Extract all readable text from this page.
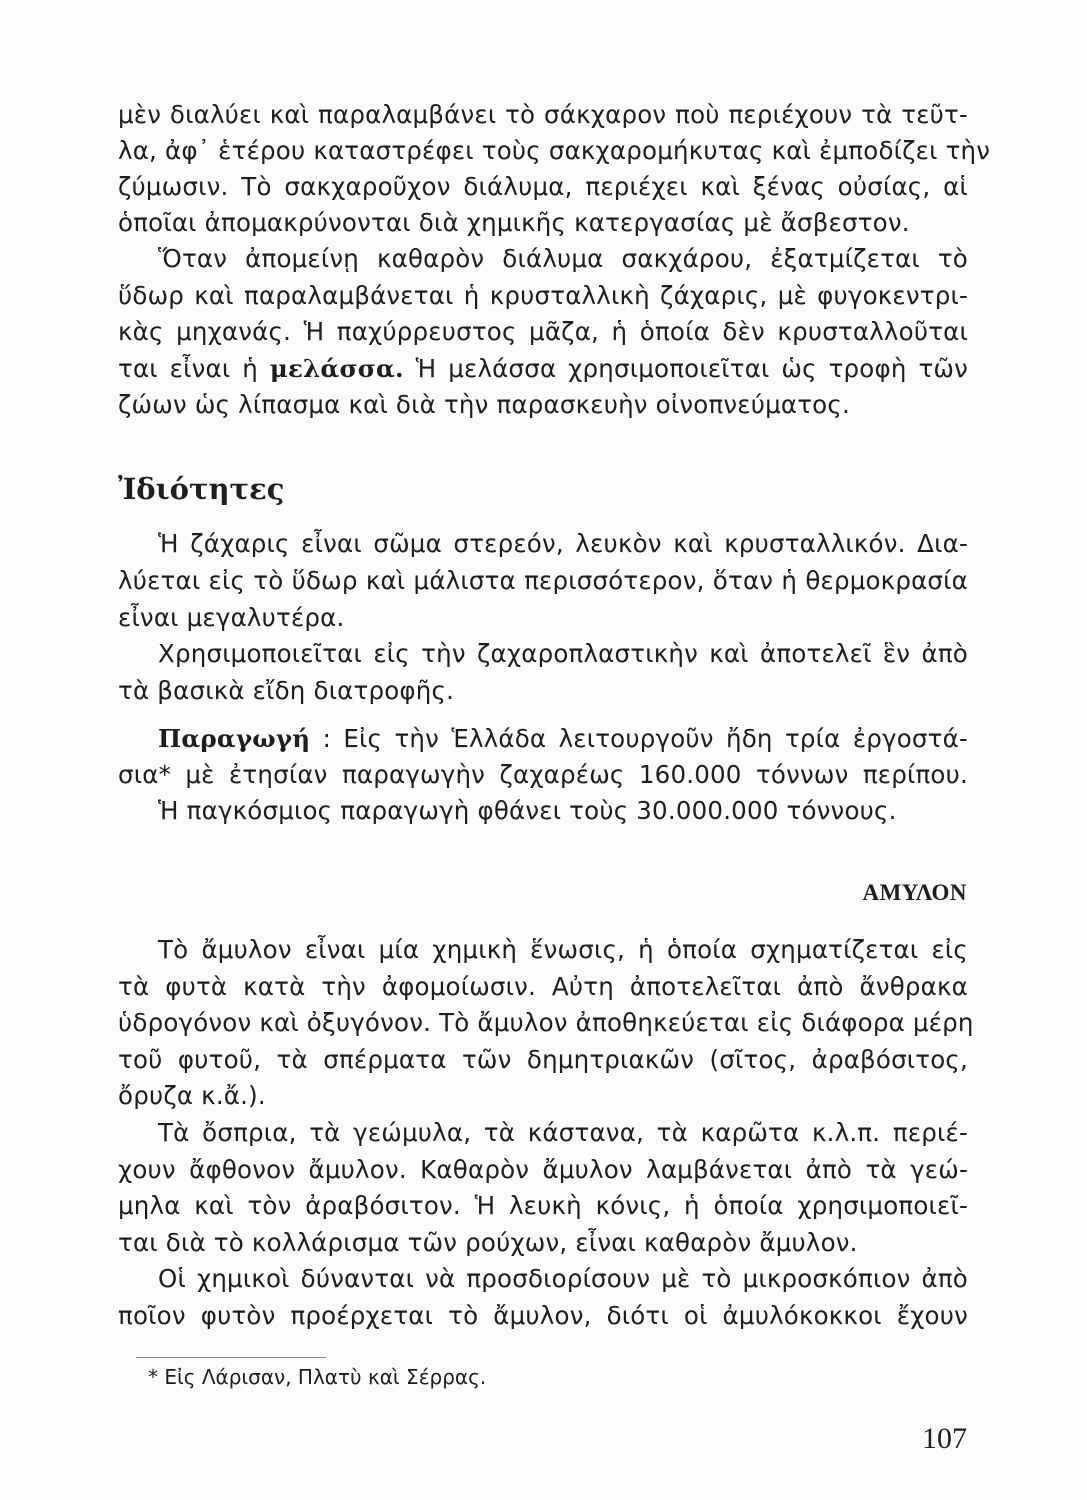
μὲν διαλύει καὶ παραλαμβάνει τὸ σάκχαρον ποὺ περιέχουν τὰ τεῦτ-
λα, ἀφ᾽ ἑτέρου καταστρέφει τοὺς σακχαρομήκυτας καὶ ἐμποδίζει τὴν
ζύμωσιν. Τὸ σακχαροῦχον διάλυμα, περιέχει καὶ ξένας οὐσίας, αἱ
ὁποῖαι ἀπομακρύνονται διὰ χημικῆς κατεργασίας μὲ ἄσβεστον.
Ὅταν ἀπομείνῃ καθαρὸν διάλυμα σακχάρου, ἐξατμίζεται τὸ
ὕδωρ καὶ παραλαμβάνεται ἡ κρυσταλλικὴ ζάχαρις, μὲ φυγοκεντρι-
κὰς μηχανάς. Ἡ παχύρρευστος μᾶζα, ἡ ὁποία δὲν κρυσταλλοῦται
ται εἶναι ἡ μελάσσα. Ἡ μελάσσα χρησιμοποιεῖται ὡς τροφὴ τῶν
ζώων ὡς λίπασμα καὶ διὰ τὴν παρασκευὴν οἰνοπνεύματος.
Ἰδιότητες
Ἡ ζάχαρις εἶναι σῶμα στερεόν, λευκὸν καὶ κρυσταλλικόν. Δια-
λύεται εἰς τὸ ὕδωρ καὶ μάλιστα περισσότερον, ὅταν ἡ θερμοκρασία
εἶναι μεγαλυτέρα.
Χρησιμοποιεῖται εἰς τὴν ζαχαροπλαστικὴν καὶ ἀποτελεῖ ἓν ἀπὸ
τὰ βασικὰ εἴδη διατροφῆς.
Παραγωγή : Εἰς τὴν Ἑλλάδα λειτουργοῦν ἤδη τρία ἐργοστά-
σια* μὲ ἐτησίαν παραγωγὴν ζαχαρέως 160.000 τόννων περίπου.
Ἡ παγκόσμιος παραγωγὴ φθάνει τοὺς 30.000.000 τόννους.
ΑΜΥΛΟΝ
Τὸ ἄμυλον εἶναι μία χημικὴ ἕνωσις, ἡ ὁποία σχηματίζεται εἰς
τὰ φυτὰ κατὰ τὴν ἀφομοίωσιν. Αὐτη ἀποτελεῖται ἀπὸ ἄνθρακα
ὑδρογόνον καὶ ὀξυγόνον. Τὸ ἄμυλον ἀποθηκεύεται εἰς διάφορα μέρη
τοῦ φυτοῦ, τὰ σπέρματα τῶν δημητριακῶν (σῖτος, ἀραβόσιτος,
ὄρυζα κ.ἄ.).
Τὰ ὄσπρια, τὰ γεώμυλα, τὰ κάστανα, τὰ καρῶτα κ.λ.π. περιέ-
χουν ἄφθονον ἄμυλον. Καθαρὸν ἄμυλον λαμβάνεται ἀπὸ τὰ γεώ-
μηλα καὶ τὸν ἀραβόσιτον. Ἡ λευκὴ κόνις, ἡ ὁποία χρησιμοποιεῖ-
ται διὰ τὸ κολλάρισμα τῶν ρούχων, εἶναι καθαρὸν ἄμυλον.
Οἱ χημικοὶ δύνανται νὰ προσδιορίσουν μὲ τὸ μικροσκόπιον ἀπὸ
ποῖον φυτὸν προέρχεται τὸ ἄμυλον, διότι οἱ ἀμυλόκοκκοι ἔχουν
* Εἰς Λάρισαν, Πλατὺ καὶ Σέρρας.
107
